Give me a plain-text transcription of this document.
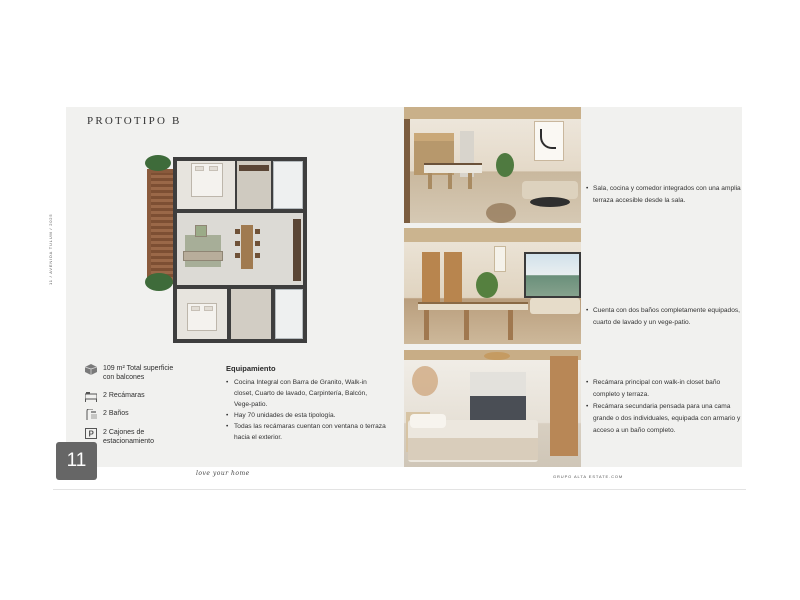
PROTOTIPO B
11 / AVENIDA TULUM / 2025
109 m² Total superficie con balcones
2 Recámaras
2 Baños
P 2 Cajones de estacionamiento
Equipamiento
• Cocina Integral con Barra de Granito, Walk-in closet, Cuarto de lavado, Carpintería, Balcón, Vege-patio.
• Hay 70 unidades de esta tipología.
• Todas las recámaras cuentan con ventana o terraza hacia el exterior.
11
love your home	GRUPO ALTA ESTATE.COM

• Sala, cocina y comedor integrados con una amplia terraza accesible desde la sala.

• Cuenta con dos baños completamente equipados, cuarto de lavado y un vege-patio.

• Recámara principal con walk-in closet baño completo y terraza.

• Recámara secundaria pensada para una cama grande o dos individuales, equipada con armario y acceso a un baño completo.
